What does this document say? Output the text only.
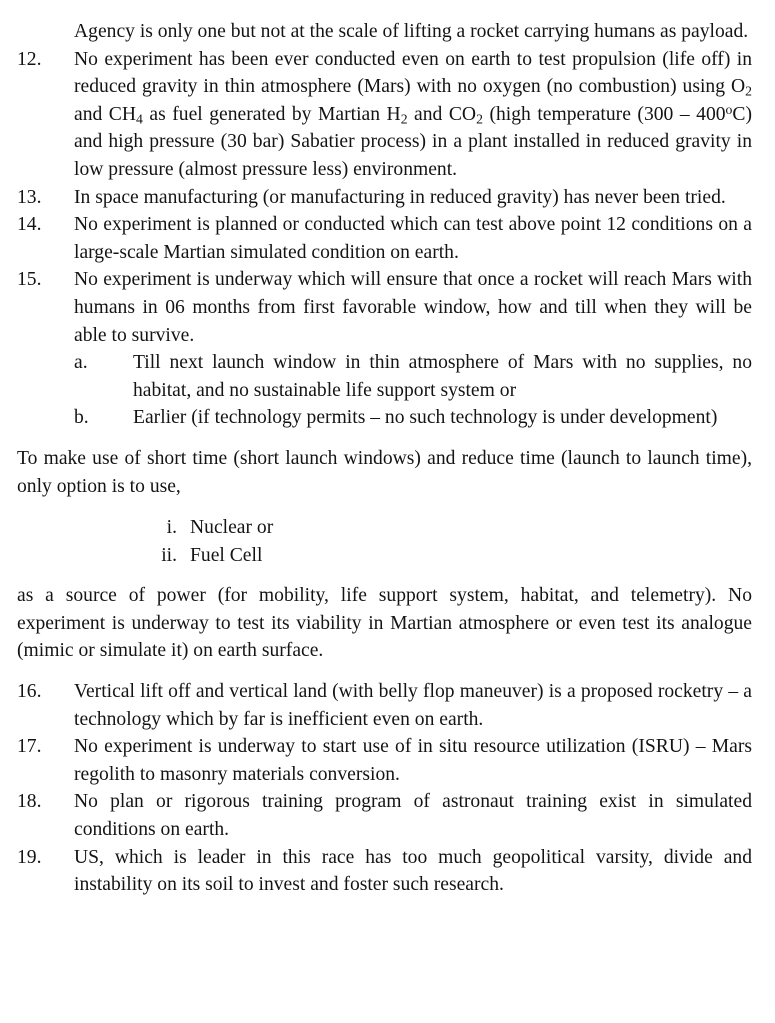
Agency is only one but not at the scale of lifting a rocket carrying humans as payload.
12.	No experiment has been ever conducted even on earth to test propulsion (life off) in reduced gravity in thin atmosphere (Mars) with no oxygen (no combustion) using $O_2$ and $CH_4$ as fuel generated by Martian $H_2$ and $CO_2$ (high temperature (300 – 400$^o$C) and high pressure (30 bar) Sabatier process) in a plant installed in reduced gravity in low pressure (almost pressure less) environment.
13.	In space manufacturing (or manufacturing in reduced gravity) has never been tried.
14.	No experiment is planned or conducted which can test above point 12 conditions on a large-scale Martian simulated condition on earth.
15.	No experiment is underway which will ensure that once a rocket will reach Mars with humans in 06 months from first favorable window, how and till when they will be able to survive.
a.	Till next launch window in thin atmosphere of Mars with no supplies, no habitat, and no sustainable life support system or
b.	Earlier (if technology permits – no such technology is under development)
To make use of short time (short launch windows) and reduce time (launch to launch time), only option is to use,
i. Nuclear or
ii. Fuel Cell
as a source of power (for mobility, life support system, habitat, and telemetry). No experiment is underway to test its viability in Martian atmosphere or even test its analogue (mimic or simulate it) on earth surface.
16.	Vertical lift off and vertical land (with belly flop maneuver) is a proposed rocketry – a technology which by far is inefficient even on earth.
17.	No experiment is underway to start use of in situ resource utilization (ISRU) – Mars regolith to masonry materials conversion.
18.	No plan or rigorous training program of astronaut training exist in simulated conditions on earth.
19.	US, which is leader in this race has too much geopolitical varsity, divide and instability on its soil to invest and foster such research.
